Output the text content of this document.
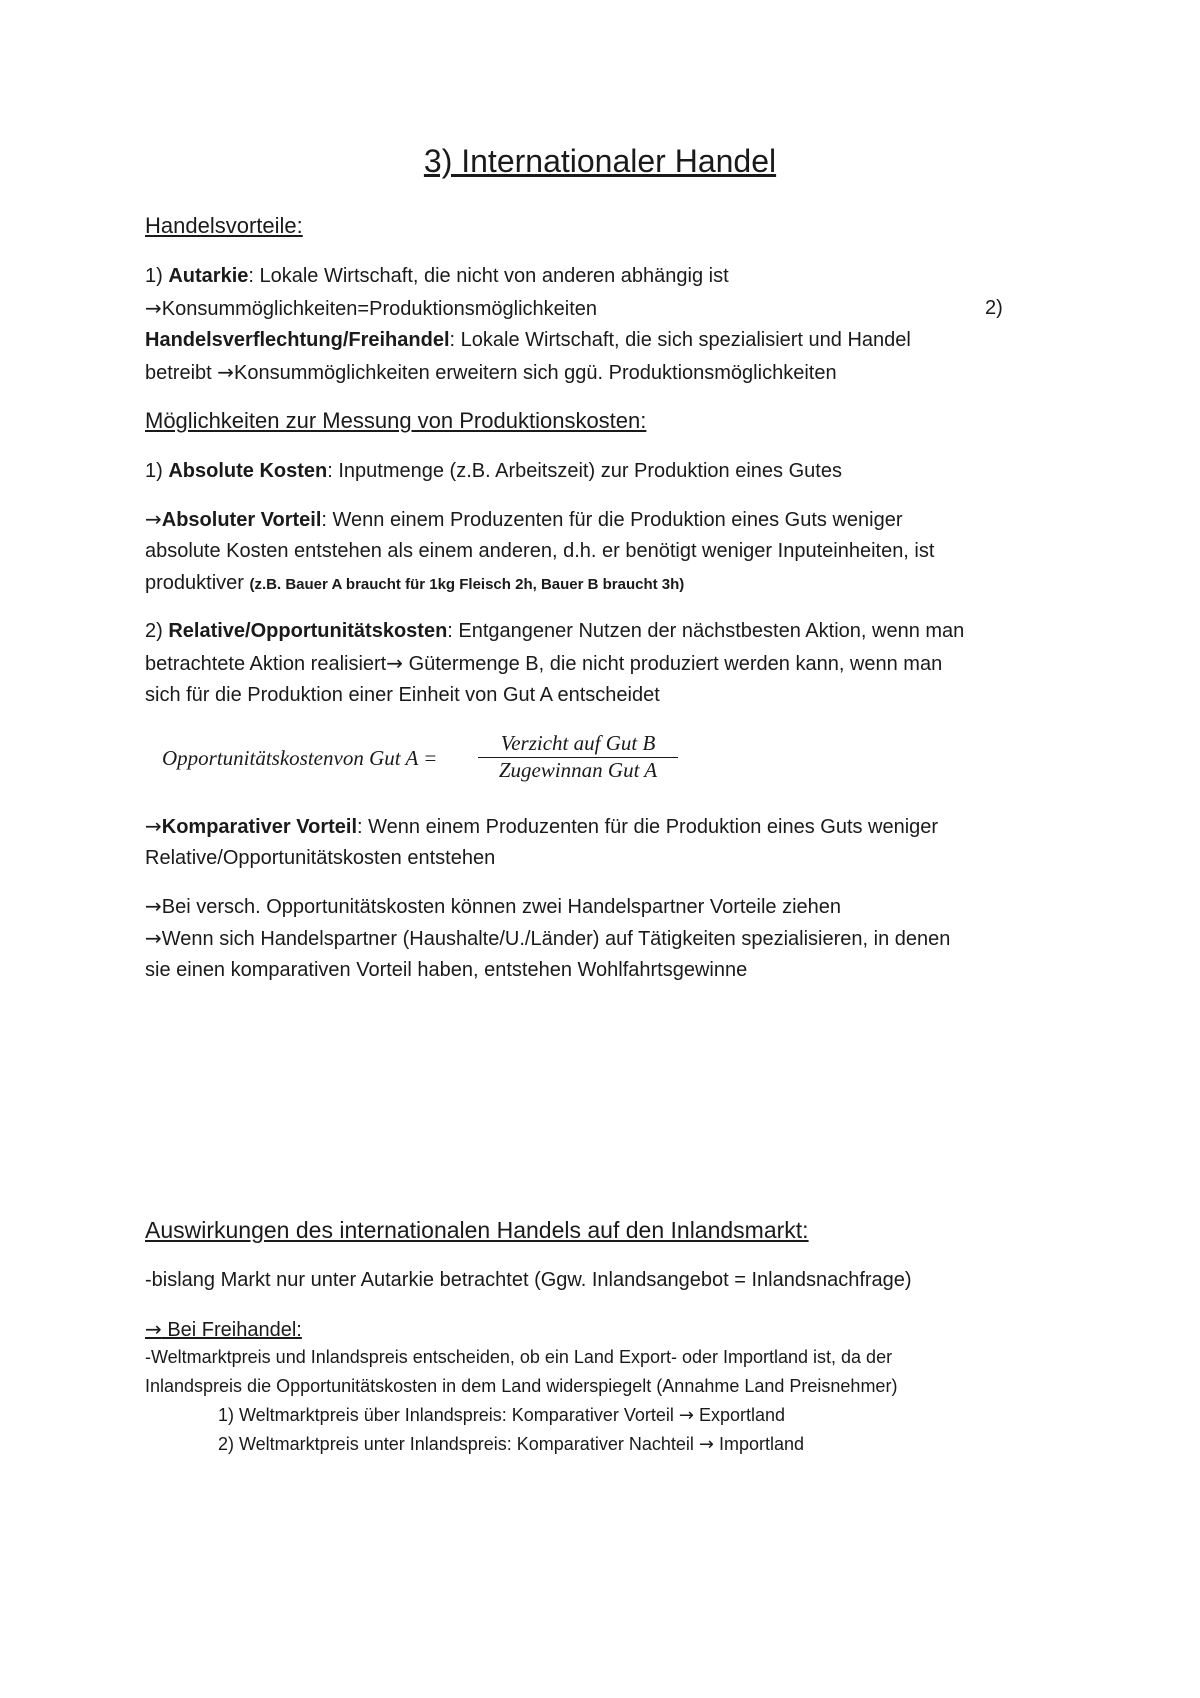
3) Internationaler Handel
Handelsvorteile:
1) Autarkie: Lokale Wirtschaft, die nicht von anderen abhängig ist
→Konsummöglichkeiten=Produktionsmöglichkeiten	2)
Handelsverflechtung/Freihandel: Lokale Wirtschaft, die sich spezialisiert und Handel
betreibt →Konsummöglichkeiten erweitern sich ggü. Produktionsmöglichkeiten
Möglichkeiten zur Messung von Produktionskosten:
1) Absolute Kosten: Inputmenge (z.B. Arbeitszeit) zur Produktion eines Gutes
→Absoluter Vorteil: Wenn einem Produzenten für die Produktion eines Guts weniger
absolute Kosten entstehen als einem anderen, d.h. er benötigt weniger Inputeinheiten, ist
produktiver (z.B. Bauer A braucht für 1kg Fleisch 2h, Bauer B braucht 3h)
2) Relative/Opportunitätskosten: Entgangener Nutzen der nächstbesten Aktion, wenn man
betrachtete Aktion realisiert→ Gütermenge B, die nicht produziert werden kann, wenn man
sich für die Produktion einer Einheit von Gut A entscheidet
Opportunitätskostenvon Gut A =
Verzicht auf Gut B
Zugewinnan Gut A
→Komparativer Vorteil: Wenn einem Produzenten für die Produktion eines Guts weniger
Relative/Opportunitätskosten entstehen
→Bei versch. Opportunitätskosten können zwei Handelspartner Vorteile ziehen
→Wenn sich Handelspartner (Haushalte/U./Länder) auf Tätigkeiten spezialisieren, in denen
sie einen komparativen Vorteil haben, entstehen Wohlfahrtsgewinne
Auswirkungen des internationalen Handels auf den Inlandsmarkt:
-bislang Markt nur unter Autarkie betrachtet (Ggw. Inlandsangebot = Inlandsnachfrage)
→ Bei Freihandel:
-Weltmarktpreis und Inlandspreis entscheiden, ob ein Land Export- oder Importland ist, da der
Inlandspreis die Opportunitätskosten in dem Land widerspiegelt (Annahme Land Preisnehmer)
1) Weltmarktpreis über Inlandspreis: Komparativer Vorteil → Exportland
2) Weltmarktpreis unter Inlandspreis: Komparativer Nachteil → Importland
